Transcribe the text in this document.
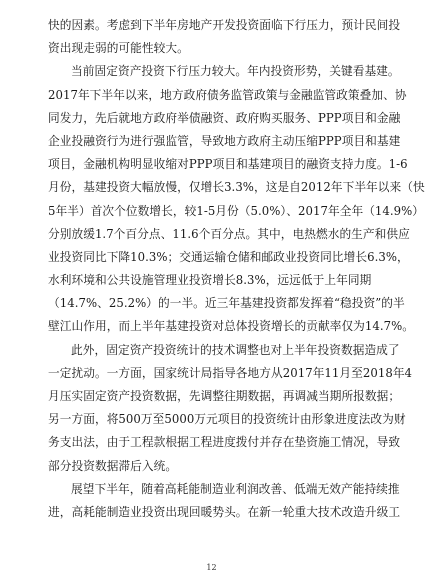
快的因素。考虑到下半年房地产开发投资面临下行压力，预计民间投
资出现走弱的可能性较大。
当前固定资产投资下行压力较大。年内投资形势，关键看基建。
2017年下半年以来，地方政府债务监管政策与金融监管政策叠加、协
同发力，先后就地方政府举债融资、政府购买服务、PPP项目和金融
企业投融资行为进行强监管，导致地方政府主动压缩PPP项目和基建
项目，金融机构明显收缩对PPP项目和基建项目的融资支持力度。1-6
月份，基建投资大幅放慢，仅增长3.3%，这是自2012年下半年以来（快
5年半）首次个位数增长，较1-5月份（5.0%）、2017年全年（14.9%）
分别放缓1.7个百分点、11.6个百分点。其中，电热燃水的生产和供应
业投资同比下降10.3%；交通运输仓储和邮政业投资同比增长6.3%，
水利环境和公共设施管理业投资增长8.3%，远远低于上年同期
（14.7%、25.2%）的一半。近三年基建投资都发挥着“稳投资”的半
壁江山作用，而上半年基建投资对总体投资增长的贡献率仅为14.7%。
此外，固定资产投资统计的技术调整也对上半年投资数据造成了
一定扰动。一方面，国家统计局指导各地方从2017年11月至2018年4
月压实固定资产投资数据，先调整往期数据，再调减当期所报数据；
另一方面，将500万至5000万元项目的投资统计由形象进度法改为财
务支出法，由于工程款根据工程进度拨付并存在垫资施工情况，导致
部分投资数据滞后入统。
展望下半年，随着高耗能制造业利润改善、低端无效产能持续推
进，高耗能制造业投资出现回暖势头。在新一轮重大技术改造升级工
12
